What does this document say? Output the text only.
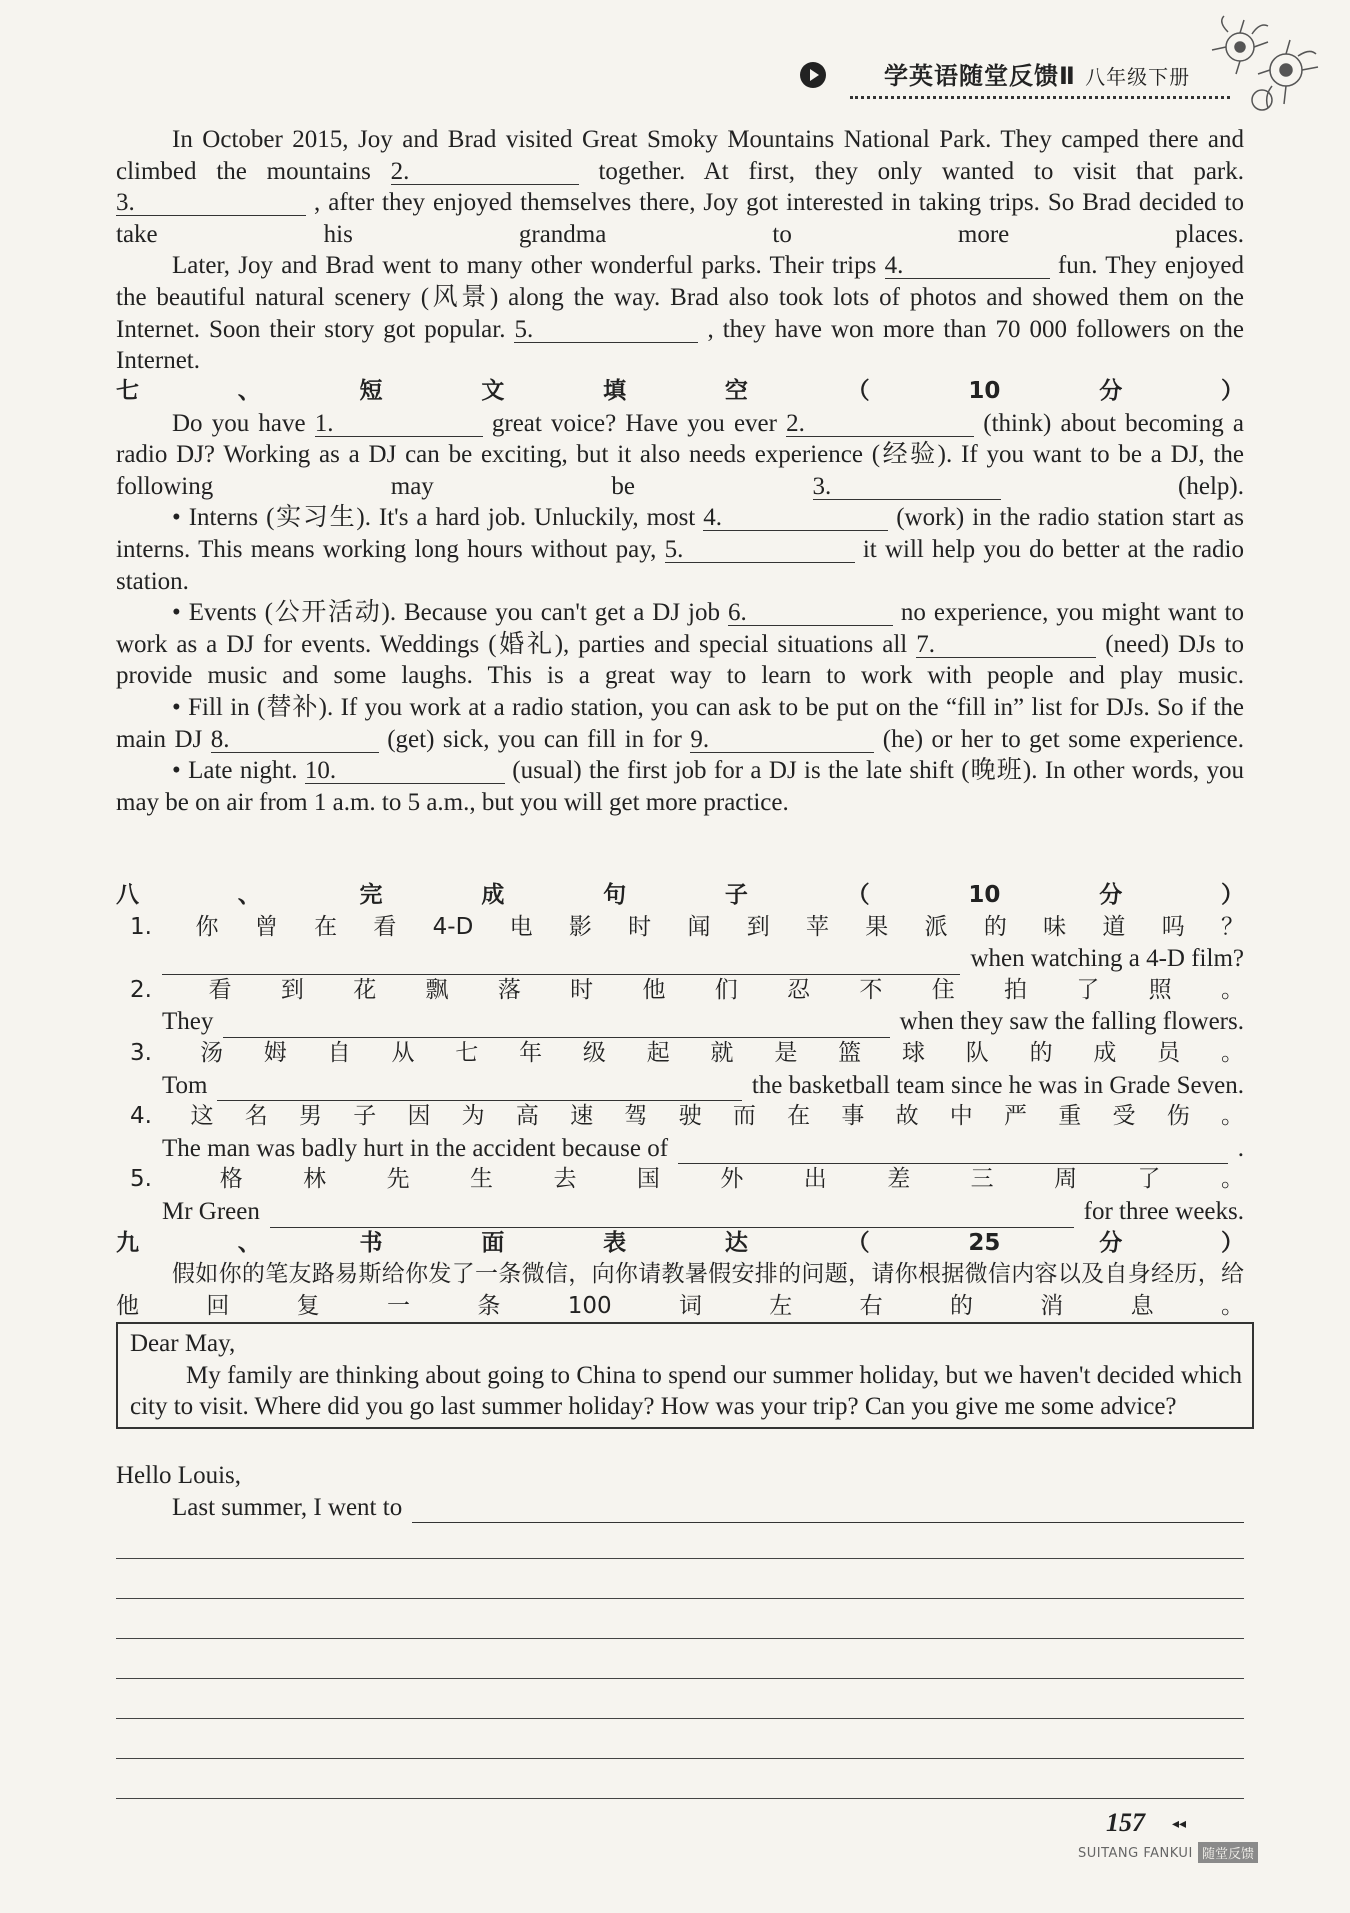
学英语随堂反馈Ⅱ 八年级下册

In October 2015, Joy and Brad visited Great Smoky Mountains National Park. They camped there and climbed the mountains 2.	together. At first, they only wanted to visit that park. 3.	, after they enjoyed themselves there, Joy got interested in taking trips. So Brad decided to take his grandma to more places.

Later, Joy and Brad went to many other wonderful parks. Their trips 4.	fun. They enjoyed the beautiful natural scenery (风景) along the way. Brad also took lots of photos and showed them on the Internet. Soon their story got popular. 5.	, they have won more than 70 000 followers on the Internet.

七、短文填空（10分）

Do you have 1.	great voice? Have you ever 2.	(think) about becoming a radio DJ? Working as a DJ can be exciting, but it also needs experience (经验). If you want to be a DJ, the following may be 3.	(help).

• Interns (实习生). It's a hard job. Unluckily, most 4.	(work) in the radio station start as interns. This means working long hours without pay, 5.	it will help you do better at the radio station.

• Events (公开活动). Because you can't get a DJ job 6.	no experience, you might want to work as a DJ for events. Weddings (婚礼), parties and special situations all 7.	(need) DJs to provide music and some laughs. This is a great way to learn to work with people and play music.

• Fill in (替补). If you work at a radio station, you can ask to be put on the “fill in” list for DJs. So if the main DJ 8.	(get) sick, you can fill in for 9.	(he) or her to get some experience.

• Late night. 10.	(usual) the first job for a DJ is the late shift (晚班). In other words, you may be on air from 1 a.m. to 5 a.m., but you will get more practice.

八、完成句子（10分）

1. 你曾在看4-D电影时闻到苹果派的味道吗？

when watching a 4-D film?

2. 看到花飘落时他们忍不住拍了照。

They	when they saw the falling flowers.

3. 汤姆自从七年级起就是篮球队的成员。

Tom	the basketball team since he was in Grade Seven.

4. 这名男子因为高速驾驶而在事故中严重受伤。

The man was badly hurt in the accident because of	.

5. 格林先生去国外出差三周了。

Mr Green	for three weeks.

九、书面表达（25分）

假如你的笔友路易斯给你发了一条微信，向你请教暑假安排的问题，请你根据微信内容以及自身经历，给他回复一条100词左右的消息。

Dear May,

My family are thinking about going to China to spend our summer holiday, but we haven't decided which city to visit. Where did you go last summer holiday? How was your trip? Can you give me some advice?

Hello Louis,

Last summer, I went to
157 ◂◂
SUITANG FANKUI 随堂反馈
